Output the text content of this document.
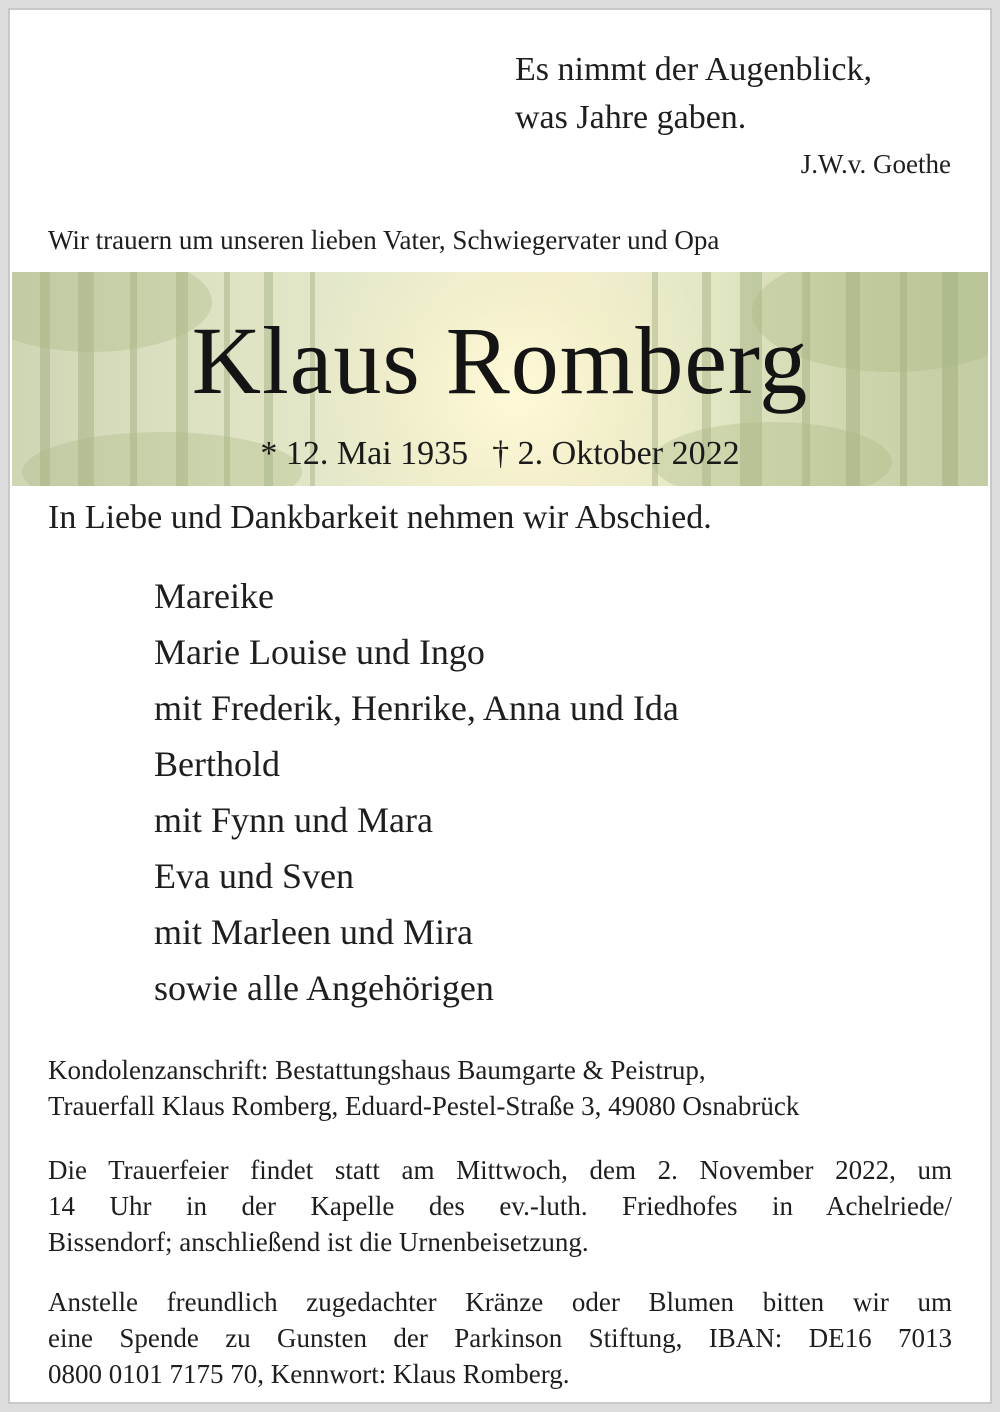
Es nimmt der Augenblick,
was Jahre gaben.
J.W.v. Goethe
Wir trauern um unseren lieben Vater, Schwiegervater und Opa
Klaus Romberg
* 12. Mai 1935 † 2. Oktober 2022
In Liebe und Dankbarkeit nehmen wir Abschied.
Mareike
Marie Louise und Ingo
mit Frederik, Henrike, Anna und Ida
Berthold
mit Fynn und Mara
Eva und Sven
mit Marleen und Mira
sowie alle Angehörigen
Kondolenzanschrift: Bestattungshaus Baumgarte & Peistrup,
Trauerfall Klaus Romberg, Eduard-Pestel-Straße 3, 49080 Osnabrück
Die Trauerfeier findet statt am Mittwoch, dem 2. November 2022, um
14 Uhr in der Kapelle des ev.-luth. Friedhofes in Achelriede/
Bissendorf; anschließend ist die Urnenbeisetzung.
Anstelle freundlich zugedachter Kränze oder Blumen bitten wir um
eine Spende zu Gunsten der Parkinson Stiftung, IBAN: DE16 7013
0800 0101 7175 70, Kennwort: Klaus Romberg.
